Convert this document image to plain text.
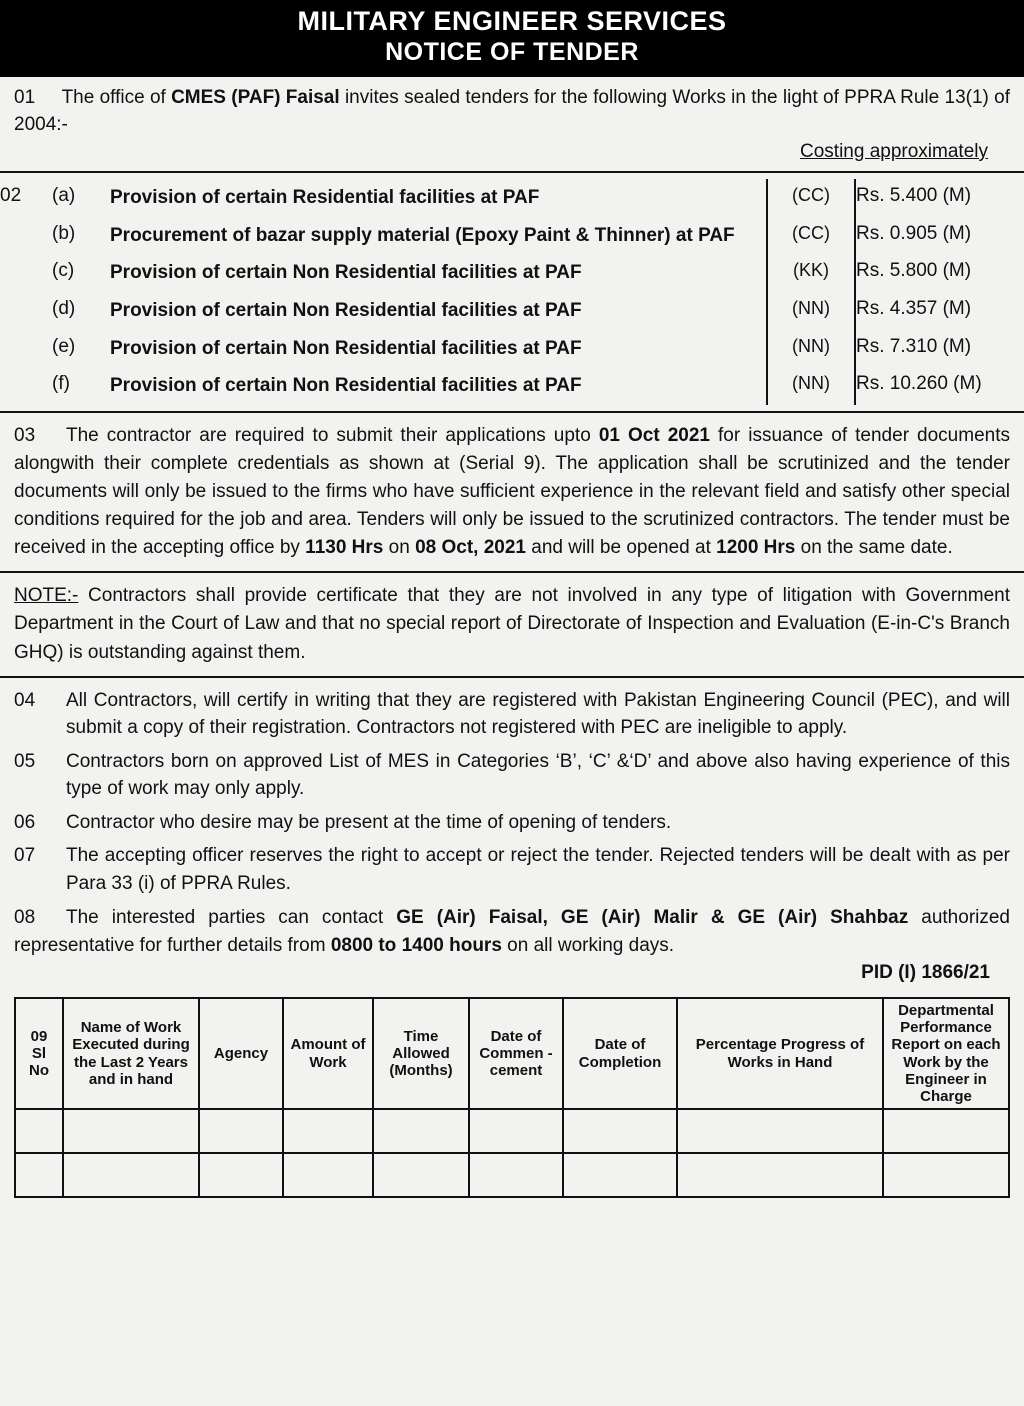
MILITARY ENGINEER SERVICES
NOTICE OF TENDER
01 The office of CMES (PAF) Faisal invites sealed tenders for the following Works in the light of PPRA Rule 13(1) of 2004:-
Costing approximately
02	(a)	Provision of certain Residential facilities at PAF	(CC)	Rs. 5.400 (M)
	(b)	Procurement of bazar supply material (Epoxy Paint & Thinner) at PAF	(CC)	Rs. 0.905 (M)
	(c)	Provision of certain Non Residential facilities at PAF	(KK)	Rs. 5.800 (M)
	(d)	Provision of certain Non Residential facilities at PAF	(NN)	Rs. 4.357 (M)
	(e)	Provision of certain Non Residential facilities at PAF	(NN)	Rs. 7.310 (M)
	(f)	Provision of certain Non Residential facilities at PAF	(NN)	Rs. 10.260 (M)
03 The contractor are required to submit their applications upto 01 Oct 2021 for issuance of tender documents alongwith their complete credentials as shown at (Serial 9). The application shall be scrutinized and the tender documents will only be issued to the firms who have sufficient experience in the relevant field and satisfy other special conditions required for the job and area. Tenders will only be issued to the scrutinized contractors. The tender must be received in the accepting office by 1130 Hrs on 08 Oct, 2021 and will be opened at 1200 Hrs on the same date.
NOTE:- Contractors shall provide certificate that they are not involved in any type of litigation with Government Department in the Court of Law and that no special report of Directorate of Inspection and Evaluation (E-in-C's Branch GHQ) is outstanding against them.
04	All Contractors, will certify in writing that they are registered with Pakistan Engineering Council (PEC), and will submit a copy of their registration. Contractors not registered with PEC are ineligible to apply.
05	Contractors born on approved List of MES in Categories ‘B’, ‘C’ &‘D’ and above also having experience of this type of work may only apply.
06	Contractor who desire may be present at the time of opening of tenders.
07	The accepting officer reserves the right to accept or reject the tender. Rejected tenders will be dealt with as per Para 33 (i) of PPRA Rules.
08 The interested parties can contact GE (Air) Faisal, GE (Air) Malir & GE (Air) Shahbaz authorized representative for further details from 0800 to 1400 hours on all working days.
PID (I) 1866/21
09
Sl
No	Name of Work Executed during the Last 2 Years and in hand	Agency	Amount of Work	Time Allowed (Months)	Date of Commen -cement	Date of Completion	Percentage Progress of Works in Hand	Departmental Performance Report on each Work by the Engineer in Charge
